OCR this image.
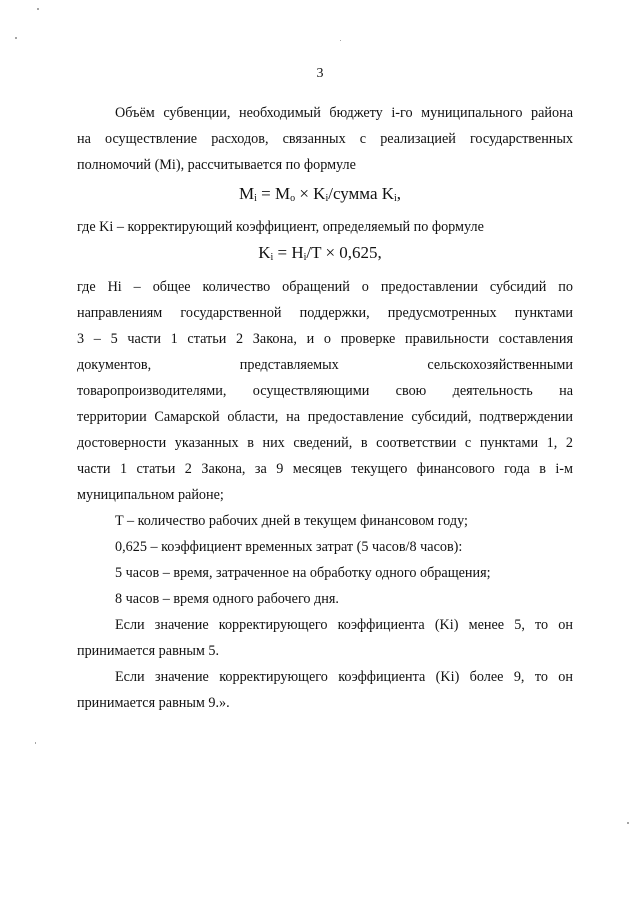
3
Объём субвенции, необходимый бюджету i-го муниципального района
на осуществление расходов, связанных с реализацией государственных
полномочий (Mi), рассчитывается по формуле
Mi = Mo × Ki/сумма Ki,
где Ki – корректирующий коэффициент, определяемый по формуле
Ki = Hi/T × 0,625,
где Hi – общее количество обращений о предоставлении субсидий по
направлениям государственной поддержки, предусмотренных пунктами
3 – 5 части 1 статьи 2 Закона, и о проверке правильности составления
документов, представляемых сельскохозяйственными
товаропроизводителями, осуществляющими свою деятельность на
территории Самарской области, на предоставление субсидий, подтверждении
достоверности указанных в них сведений, в соответствии с пунктами 1, 2
части 1 статьи 2 Закона, за 9 месяцев текущего финансового года в i-м
муниципальном районе;
T – количество рабочих дней в текущем финансовом году;
0,625 – коэффициент временных затрат (5 часов/8 часов):
5 часов – время, затраченное на обработку одного обращения;
8 часов – время одного рабочего дня.
Если значение корректирующего коэффициента (Ki) менее 5, то он
принимается равным 5.
Если значение корректирующего коэффициента (Ki) более 9, то он
принимается равным 9.».
